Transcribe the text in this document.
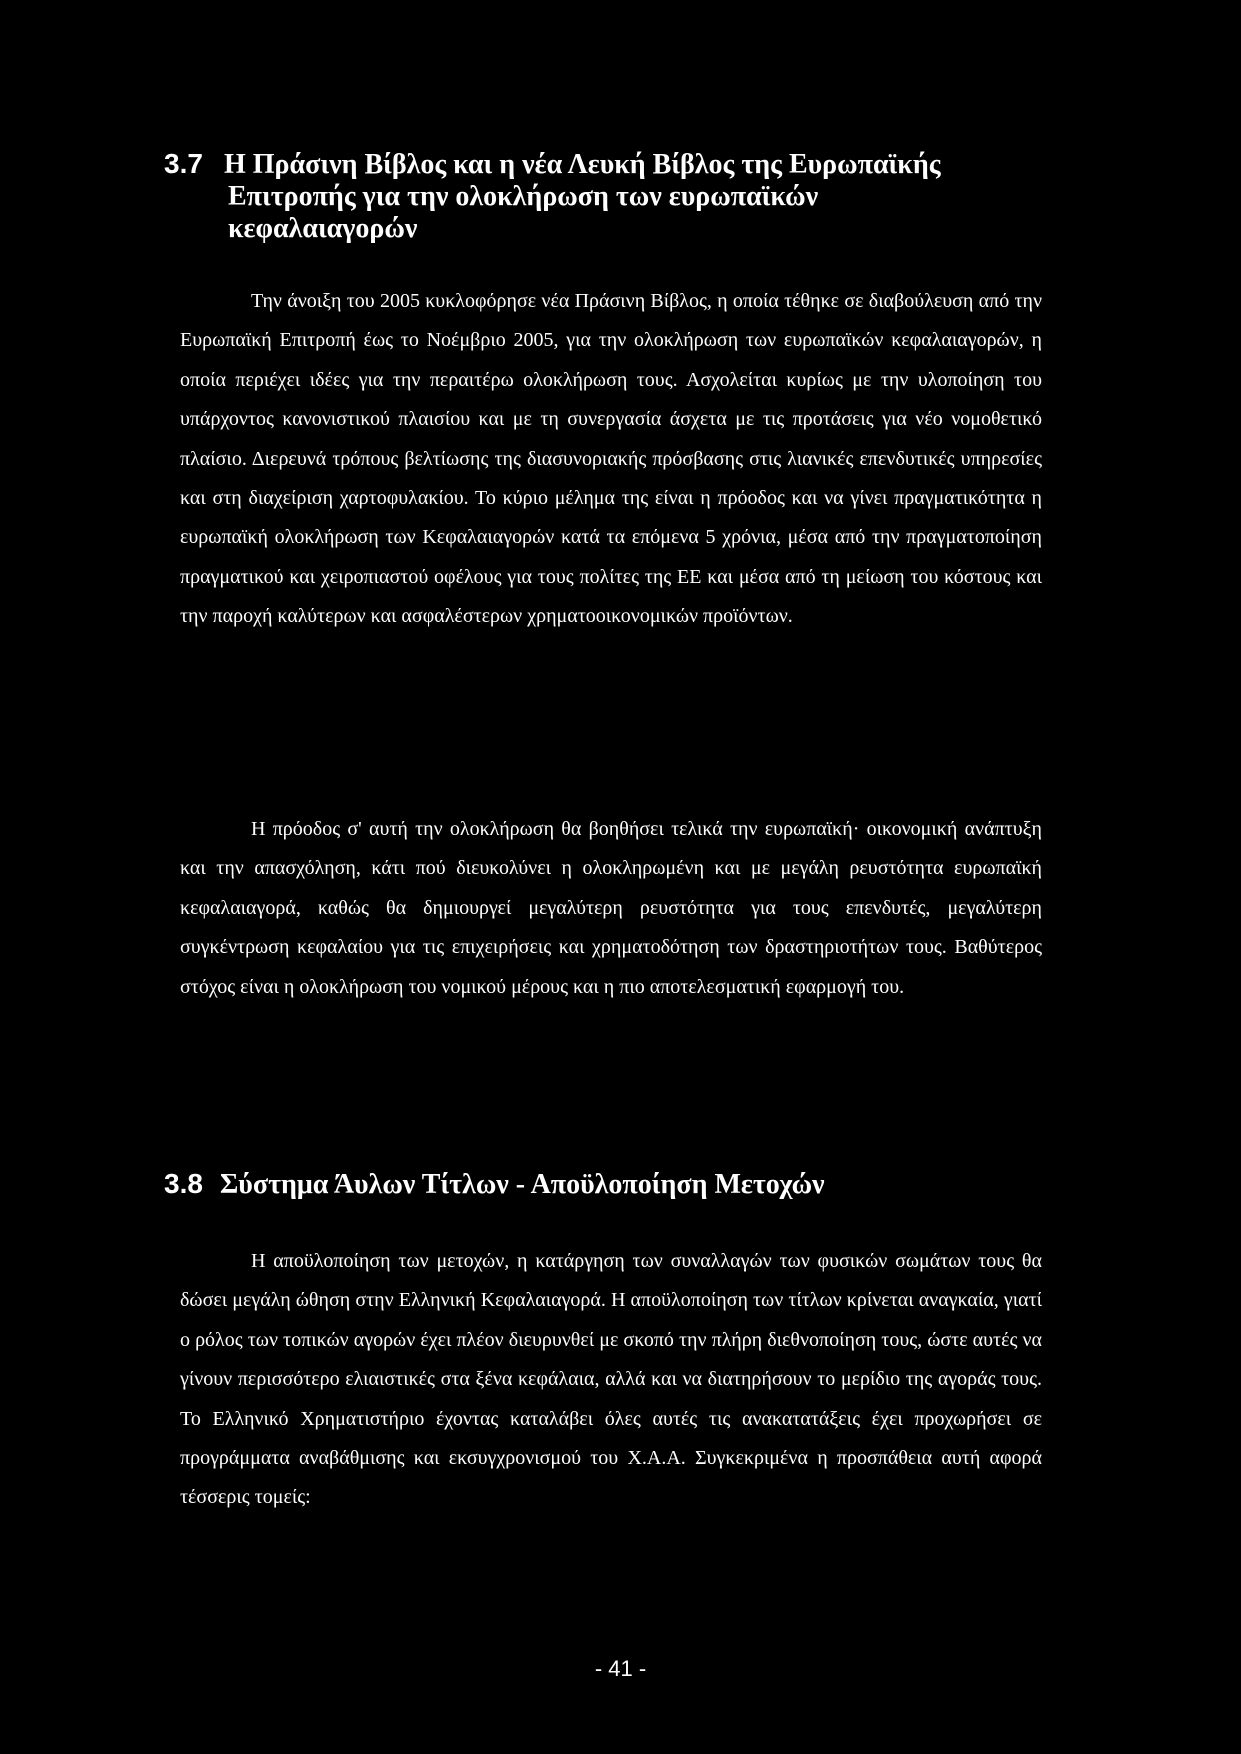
3.7 Η Πράσινη Βίβλος και η νέα Λευκή Βίβλος της Ευρωπαϊκής
Επιτροπής για την ολοκλήρωση των ευρωπαϊκών
κεφαλαιαγορών

Την άνοιξη του 2005 κυκλοφόρησε νέα Πράσινη Βίβλος, η οποία τέθηκε σε διαβούλευση από την Ευρωπαϊκή Επιτροπή έως το Νοέμβριο 2005, για την ολοκλήρωση των ευρωπαϊκών κεφαλαιαγορών, η οποία περιέχει ιδέες για την περαιτέρω ολοκλήρωση τους. Ασχολείται κυρίως με την υλοποίηση του υπάρχοντος κανονιστικού πλαισίου και με τη συνεργασία άσχετα με τις προτάσεις για νέο νομοθετικό πλαίσιο. Διερευνά τρόπους βελτίωσης της διασυνοριακής πρόσβασης στις λιανικές επενδυτικές υπηρεσίες και στη διαχείριση χαρτοφυλακίου. Το κύριο μέλημα της είναι η πρόοδος και να γίνει πραγματικότητα η ευρωπαϊκή ολοκλήρωση των Κεφαλαιαγορών κατά τα επόμενα 5 χρόνια, μέσα από την πραγματοποίηση πραγματικού και χειροπιαστού οφέλους για τους πολίτες της ΕΕ και μέσα από τη μείωση του κόστους και την παροχή καλύτερων και ασφαλέστερων χρηματοοικονομικών προϊόντων.

Η πρόοδος σ' αυτή την ολοκλήρωση θα βοηθήσει τελικά την ευρωπαϊκή· οικονομική ανάπτυξη και την απασχόληση, κάτι πού διευκολύνει η ολοκληρωμένη και με μεγάλη ρευστότητα ευρωπαϊκή κεφαλαιαγορά, καθώς θα δημιουργεί μεγαλύτερη ρευστότητα για τους επενδυτές, μεγαλύτερη συγκέντρωση κεφαλαίου για τις επιχειρήσεις και χρηματοδότηση των δραστηριοτήτων τους. Βαθύτερος στόχος είναι η ολοκλήρωση του νομικού μέρους και η πιο αποτελεσματική εφαρμογή του.

3.8 Σύστημα Άυλων Τίτλων - Αποϋλοποίηση Μετοχών

Η αποϋλοποίηση των μετοχών, η κατάργηση των συναλλαγών των φυσικών σωμάτων τους θα δώσει μεγάλη ώθηση στην Ελληνική Κεφαλαιαγορά. Η αποϋλοποίηση των τίτλων κρίνεται αναγκαία, γιατί ο ρόλος των τοπικών αγορών έχει πλέον διευρυνθεί με σκοπό την πλήρη διεθνοποίηση τους, ώστε αυτές να γίνουν περισσότερο ελιαιστικές στα ξένα κεφάλαια, αλλά και να διατηρήσουν το μερίδιο της αγοράς τους. Το Ελληνικό Χρηματιστήριο έχοντας καταλάβει όλες αυτές τις ανακατατάξεις έχει προχωρήσει σε προγράμματα αναβάθμισης και εκσυγχρονισμού του Χ.Α.Α. Συγκεκριμένα η προσπάθεια αυτή αφορά τέσσερις τομείς:

- 41 -
